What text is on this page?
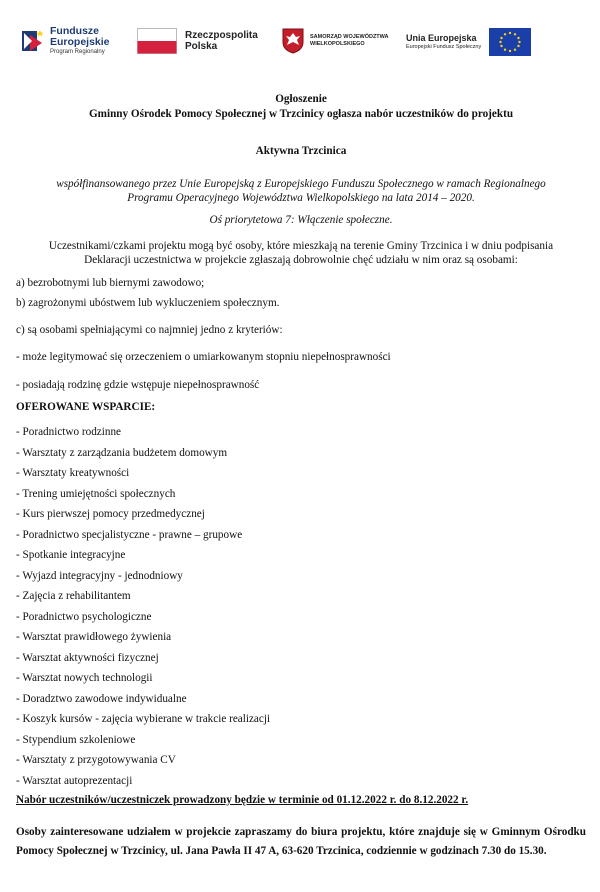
Fundusze
Europejskie
Program Regionalny
Rzeczpospolita
Polska
SAMORZĄD WOJEWÓDZTWA
WIELKOPOLSKIEGO
Unia Europejska
Europejski Fundusz Społeczny
Ogłoszenie
Gminny Ośrodek Pomocy Społecznej w Trzcinicy ogłasza nabór uczestników do projektu
Aktywna Trzcinica
współfinansowanego przez Unie Europejską z Europejskiego Funduszu Społecznego w ramach Regionalnego
Programu Operacyjnego Województwa Wielkopolskiego na lata 2014 – 2020.
Oś priorytetowa 7: Włączenie społeczne.
Uczestnikami/czkami projektu mogą być osoby, które mieszkają na terenie Gminy Trzcinica i w dniu podpisania
Deklaracji uczestnictwa w projekcie zgłaszają dobrowolnie chęć udziału w nim oraz są osobami:
a) bezrobotnymi lub biernymi zawodowo;
b) zagrożonymi ubóstwem lub wykluczeniem społecznym.
c) są osobami spełniającymi co najmniej jedno z kryteriów:
- może legitymować się orzeczeniem o umiarkowanym stopniu niepełnosprawności
- posiadają rodzinę gdzie wstępuje niepełnosprawność
OFEROWANE WSPARCIE:
- Poradnictwo rodzinne
- Warsztaty z zarządzania budżetem domowym
- Warsztaty kreatywności
- Trening umiejętności społecznych
- Kurs pierwszej pomocy przedmedycznej
- Poradnictwo specjalistyczne - prawne – grupowe
- Spotkanie integracyjne
- Wyjazd integracyjny - jednodniowy
- Zajęcia z rehabilitantem
- Poradnictwo psychologiczne
- Warsztat prawidłowego żywienia
- Warsztat aktywności fizycznej
- Warsztat nowych technologii
- Doradztwo zawodowe indywidualne
- Koszyk kursów - zajęcia wybierane w trakcie realizacji
- Stypendium szkoleniowe
- Warsztaty z przygotowywania CV
- Warsztat autoprezentacji
Nabór uczestników/uczestniczek prowadzony będzie w terminie od 01.12.2022 r. do 8.12.2022 r.
Osoby zainteresowane udziałem w projekcie zapraszamy do biura projektu, które znajduje się w Gminnym Ośrodku Pomocy Społecznej w Trzcinicy, ul. Jana Pawła II 47 A, 63-620 Trzcinica, codziennie w godzinach 7.30 do 15.30.
